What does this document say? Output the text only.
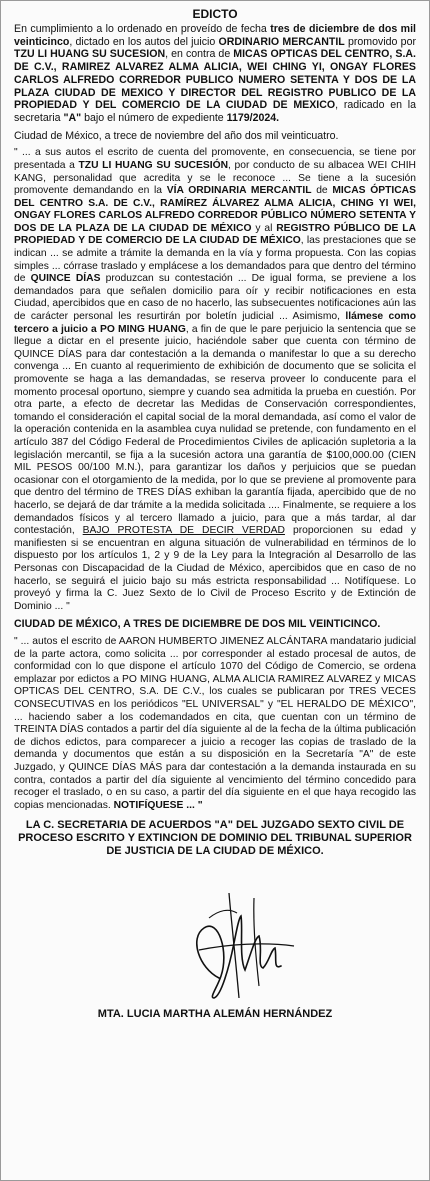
EDICTO

En cumplimiento a lo ordenado en proveído de fecha tres de diciembre de dos mil veinticinco, dictado en los autos del juicio ORDINARIO MERCANTIL promovido por TZU LI HUANG SU SUCESION, en contra de MICAS OPTICAS DEL CENTRO, S.A. DE C.V., RAMIREZ ALVAREZ ALMA ALICIA, WEI CHING YI, ONGAY FLORES CARLOS ALFREDO CORREDOR PUBLICO NUMERO SETENTA Y DOS DE LA PLAZA CIUDAD DE MEXICO Y DIRECTOR DEL REGISTRO PUBLICO DE LA PROPIEDAD Y DEL COMERCIO DE LA CIUDAD DE MEXICO, radicado en la secretaria "A" bajo el número de expediente 1179/2024.

Ciudad de México, a trece de noviembre del año dos mil veinticuatro.

" ... a sus autos el escrito de cuenta del promovente, en consecuencia, se tiene por presentada a TZU LI HUANG SU SUCESIÓN, por conducto de su albacea WEI CHIH KANG, personalidad que acredita y se le reconoce ... Se tiene a la sucesión promovente demandando en la VÍA ORDINARIA MERCANTIL de MICAS ÓPTICAS DEL CENTRO S.A. DE C.V., RAMÍREZ ÁLVAREZ ALMA ALICIA, CHING YI WEI, ONGAY FLORES CARLOS ALFREDO CORREDOR PÚBLICO NÚMERO SETENTA Y DOS DE LA PLAZA DE LA CIUDAD DE MÉXICO y al REGISTRO PÚBLICO DE LA PROPIEDAD Y DE COMERCIO DE LA CIUDAD DE MÉXICO, las prestaciones que se indican ... se admite a trámite la demanda en la vía y forma propuesta. Con las copias simples ... córrase traslado y emplácese a los demandados para que dentro del término de QUINCE DÍAS produzcan su contestación ... De igual forma, se previene a los demandados para que señalen domicilio para oír y recibir notificaciones en esta Ciudad, apercibidos que en caso de no hacerlo, las subsecuentes notificaciones aún las de carácter personal les resurtirán por boletín judicial ... Asimismo, llámese como tercero a juicio a PO MING HUANG, a fin de que le pare perjuicio la sentencia que se llegue a dictar en el presente juicio, haciéndole saber que cuenta con término de QUINCE DÍAS para dar contestación a la demanda o manifestar lo que a su derecho convenga ... En cuanto al requerimiento de exhibición de documento que se solicita el promovente se haga a las demandadas, se reserva proveer lo conducente para el momento procesal oportuno, siempre y cuando sea admitida la prueba en cuestión. Por otra parte, a efecto de decretar las Medidas de Conservación correspondientes, tomando el consideración el capital social de la moral demandada, así como el valor de la operación contenida en la asamblea cuya nulidad se pretende, con fundamento en el artículo 387 del Código Federal de Procedimientos Civiles de aplicación supletoria a la legislación mercantil, se fija a la sucesión actora una garantía de $100,000.00 (CIEN MIL PESOS 00/100 M.N.), para garantizar los daños y perjuicios que se puedan ocasionar con el otorgamiento de la medida, por lo que se previene al promovente para que dentro del término de TRES DÍAS exhiban la garantía fijada, apercibido que de no hacerlo, se dejará de dar trámite a la medida solicitada .... Finalmente, se requiere a los demandados físicos y al tercero llamado a juicio, para que a más tardar, al dar contestación, BAJO PROTESTA DE DECIR VERDAD proporcionen su edad y manifiesten si se encuentran en alguna situación de vulnerabilidad en términos de lo dispuesto por los artículos 1, 2 y 9 de la Ley para la Integración al Desarrollo de las Personas con Discapacidad de la Ciudad de México, apercibidos que en caso de no hacerlo, se seguirá el juicio bajo su más estricta responsabilidad ... Notifíquese. Lo proveyó y firma la C. Juez Sexto de lo Civil de Proceso Escrito y de Extinción de Dominio ... "

CIUDAD DE MÉXICO, A TRES DE DICIEMBRE DE DOS MIL VEINTICINCO.

" ... autos el escrito de AARON HUMBERTO JIMENEZ ALCÁNTARA mandatario judicial de la parte actora, como solicita ... por corresponder al estado procesal de autos, de conformidad con lo que dispone el artículo 1070 del Código de Comercio, se ordena emplazar por edictos a PO MING HUANG, ALMA ALICIA RAMIREZ ALVAREZ y MICAS OPTICAS DEL CENTRO, S.A. DE C.V., los cuales se publicaran por TRES VECES CONSECUTIVAS en los periódicos "EL UNIVERSAL" y "EL HERALDO DE MÉXICO", ... haciendo saber a los codemandados en cita, que cuentan con un término de TREINTA DÍAS contados a partir del día siguiente al de la fecha de la última publicación de dichos edictos, para comparecer a juicio a recoger las copias de traslado de la demanda y documentos que están a su disposición en la Secretaría "A" de este Juzgado, y QUINCE DÍAS MÁS para dar contestación a la demanda instaurada en su contra, contados a partir del día siguiente al vencimiento del término concedido para recoger el traslado, o en su caso, a partir del día siguiente en el que haya recogido las copias mencionadas. NOTIFÍQUESE ... "

LA C. SECRETARIA DE ACUERDOS "A" DEL JUZGADO SEXTO CIVIL DE PROCESO ESCRITO Y EXTINCION DE DOMINIO DEL TRIBUNAL SUPERIOR DE JUSTICIA DE LA CIUDAD DE MÉXICO.
MTA. LUCIA MARTHA ALEMÁN HERNÁNDEZ
